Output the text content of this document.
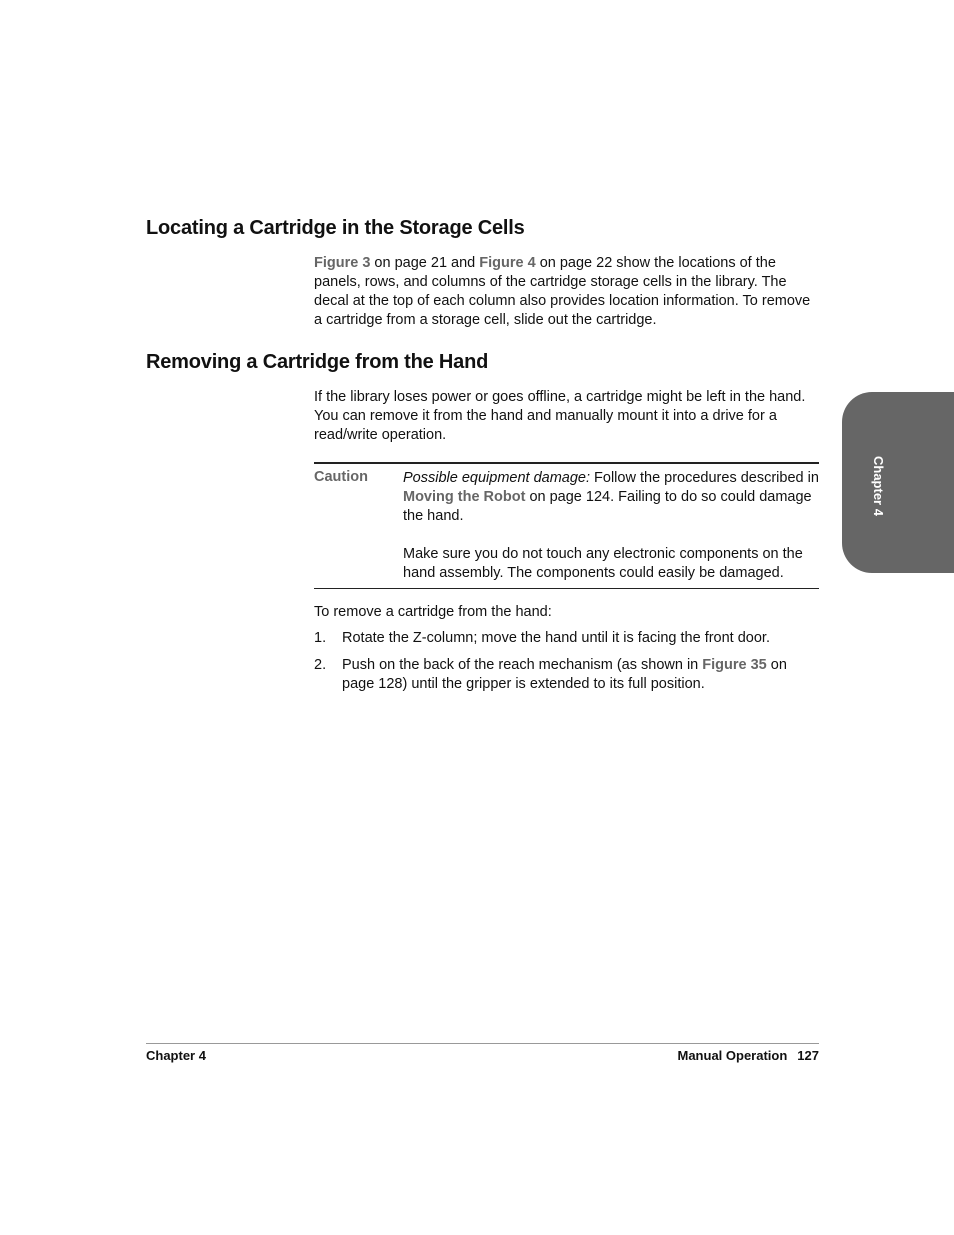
Locating a Cartridge in the Storage Cells

Figure 3 on page 21 and Figure 4 on page 22 show the locations of the panels, rows, and columns of the cartridge storage cells in the library. The decal at the top of each column also provides location information. To remove a cartridge from a storage cell, slide out the cartridge.

Removing a Cartridge from the Hand

If the library loses power or goes offline, a cartridge might be left in the hand. You can remove it from the hand and manually mount it into a drive for a read/write operation.

Caution Possible equipment damage: Follow the procedures described in Moving the Robot on page 124. Failing to do so could damage the hand.

Make sure you do not touch any electronic components on the hand assembly. The components could easily be damaged.

To remove a cartridge from the hand:

1. Rotate the Z-column; move the hand until it is facing the front door.
2. Push on the back of the reach mechanism (as shown in Figure 35 on page 128) until the gripper is extended to its full position.
Chapter 4	Manual Operation 127
Chapter 4
